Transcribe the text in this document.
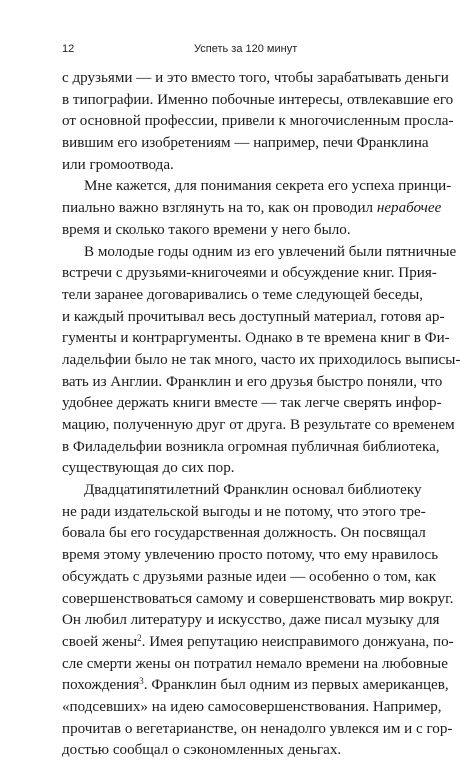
12	Успеть за 120 минут
с друзьями — и это вместо того, чтобы зарабатывать деньги
в типографии. Именно побочные интересы, отвлекавшие его
от основной профессии, привели к многочисленным просла-
вившим его изобретениям — например, печи Франклина
или громоотвода.
Мне кажется, для понимания секрета его успеха принци-
пиально важно взглянуть на то, как он проводил нерабочее
время и сколько такого времени у него было.
В молодые годы одним из его увлечений были пятничные
встречи с друзьями-книгочеями и обсуждение книг. Прия-
тели заранее договаривались о теме следующей беседы,
и каждый прочитывал весь доступный материал, готовя ар-
гументы и контраргументы. Однако в те времена книг в Фи-
ладельфии было не так много, часто их приходилось выписы-
вать из Англии. Франклин и его друзья быстро поняли, что
удобнее держать книги вместе — так легче сверять инфор-
мацию, полученную друг от друга. В результате со временем
в Филадельфии возникла огромная публичная библиотека,
существующая до сих пор.
Двадцатипятилетний Франклин основал библиотеку
не ради издательской выгоды и не потому, что этого тре-
бовала бы его государственная должность. Он посвящал
время этому увлечению просто потому, что ему нравилось
обсуждать с друзьями разные идеи — особенно о том, как
совершенствоваться самому и совершенствовать мир вокруг.
Он любил литературу и искусство, даже писал музыку для
своей жены$^2$. Имея репутацию неисправимого донжуана, по-
сле смерти жены он потратил немало времени на любовные
похождения$^3$. Франклин был одним из первых американцев,
«подсевших» на идею самосовершенствования. Например,
прочитав о вегетарианстве, он ненадолго увлекся им и с гор-
достью сообщал о сэкономленных деньгах.
